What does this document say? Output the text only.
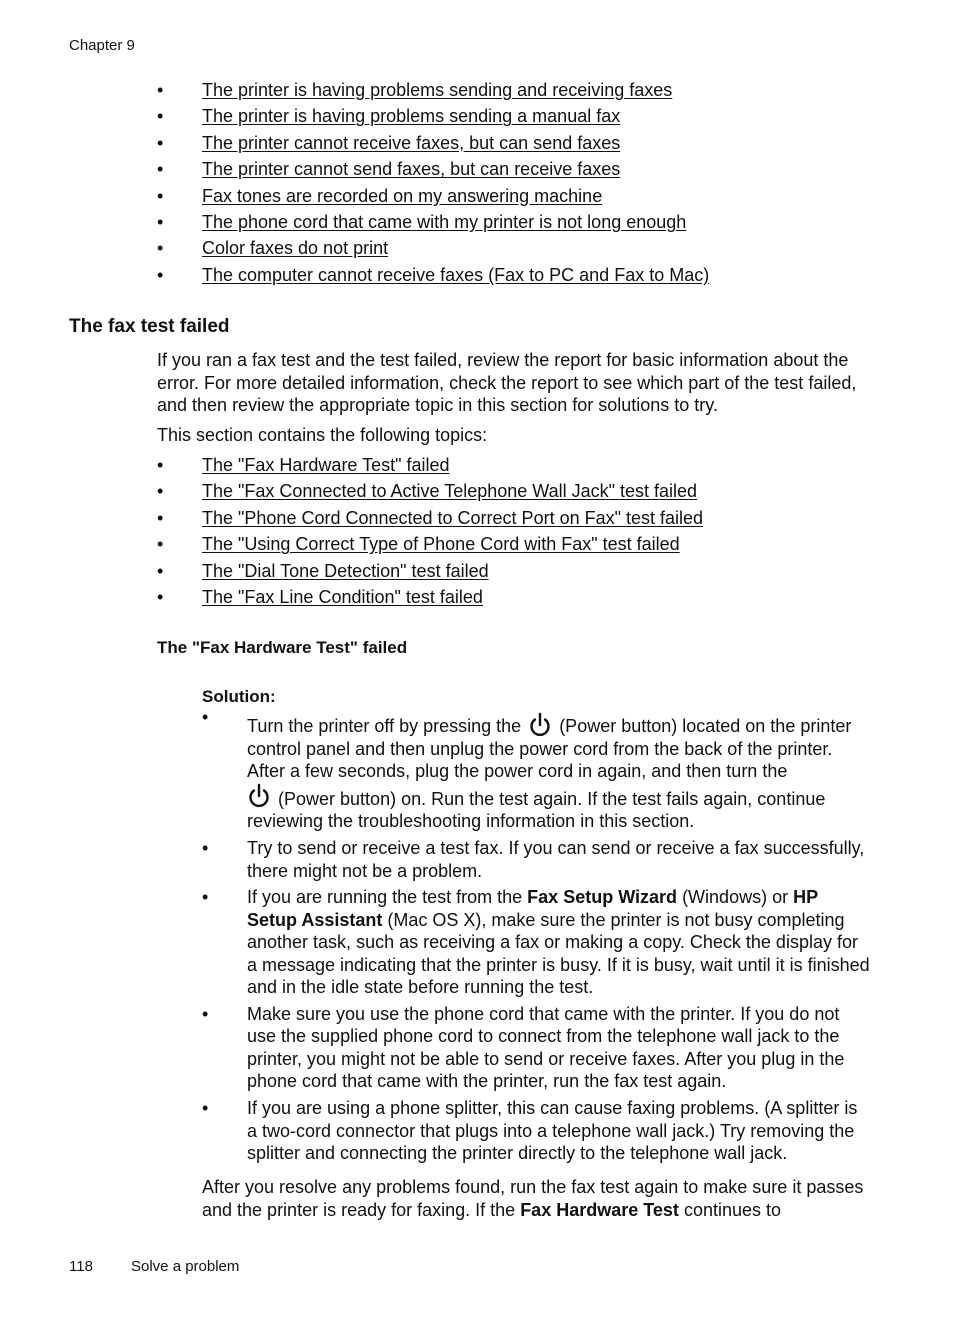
Chapter 9
• The printer is having problems sending and receiving faxes
• The printer is having problems sending a manual fax
• The printer cannot receive faxes, but can send faxes
• The printer cannot send faxes, but can receive faxes
• Fax tones are recorded on my answering machine
• The phone cord that came with my printer is not long enough
• Color faxes do not print
• The computer cannot receive faxes (Fax to PC and Fax to Mac)
The fax test failed

If you ran a fax test and the test failed, review the report for basic information about the error. For more detailed information, check the report to see which part of the test failed, and then review the appropriate topic in this section for solutions to try.

This section contains the following topics:

• The "Fax Hardware Test" failed
• The "Fax Connected to Active Telephone Wall Jack" test failed
• The "Phone Cord Connected to Correct Port on Fax" test failed
• The "Using Correct Type of Phone Cord with Fax" test failed
• The "Dial Tone Detection" test failed
• The "Fax Line Condition" test failed
The "Fax Hardware Test" failed
Solution:
• Turn the printer off by pressing the (Power button) located on the printer control panel and then unplug the power cord from the back of the printer. After a few seconds, plug the power cord in again, and then turn the
(Power button) on. Run the test again. If the test fails again, continue reviewing the troubleshooting information in this section.
• Try to send or receive a test fax. If you can send or receive a fax successfully, there might not be a problem.
• If you are running the test from the Fax Setup Wizard (Windows) or HP Setup Assistant (Mac OS X), make sure the printer is not busy completing another task, such as receiving a fax or making a copy. Check the display for a message indicating that the printer is busy. If it is busy, wait until it is finished and in the idle state before running the test.
• Make sure you use the phone cord that came with the printer. If you do not use the supplied phone cord to connect from the telephone wall jack to the printer, you might not be able to send or receive faxes. After you plug in the phone cord that came with the printer, run the fax test again.
• If you are using a phone splitter, this can cause faxing problems. (A splitter is a two-cord connector that plugs into a telephone wall jack.) Try removing the splitter and connecting the printer directly to the telephone wall jack.

After you resolve any problems found, run the fax test again to make sure it passes and the printer is ready for faxing. If the Fax Hardware Test continues to

118	Solve a problem
